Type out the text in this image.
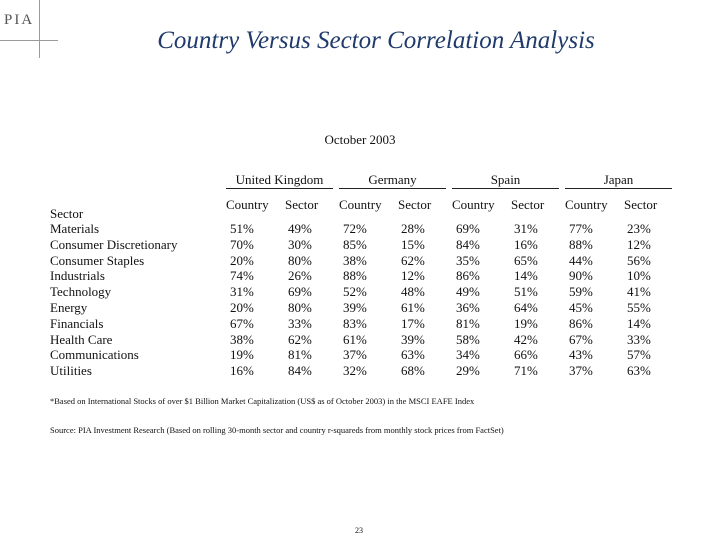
PIA
Country Versus Sector Correlation Analysis
October 2003
United Kingdom
Country Sector
Germany
Country Sector
Spain
Country Sector
Japan
Country Sector
Sector
Materials	51%	49% 72%	28% 69%	31% 77%	23%
Consumer Discretionary	70%	30% 85%	15% 84%	16% 88%	12%
Consumer Staples	20%	80% 38%	62% 35%	65% 44%	56%
Industrials	74%	26% 88%	12% 86%	14% 90%	10%
Technology	31%	69% 52%	48% 49%	51% 59%	41%
Energy	20%	80% 39%	61% 36%	64% 45%	55%
Financials	67%	33% 83%	17% 81%	19% 86%	14%
Health Care	38%	62% 61%	39% 58%	42% 67%	33%
Communications	19%	81% 37%	63% 34%	66% 43%	57%
Utilities	16%	84% 32%	68% 29%	71% 37%	63%
*Based on International Stocks of over $1 Billion Market Capitalization (US$ as of October 2003) in the MSCI EAFE Index
Source: PIA Investment Research (Based on rolling 30-month sector and country r-squareds from monthly stock prices from FactSet)
23
